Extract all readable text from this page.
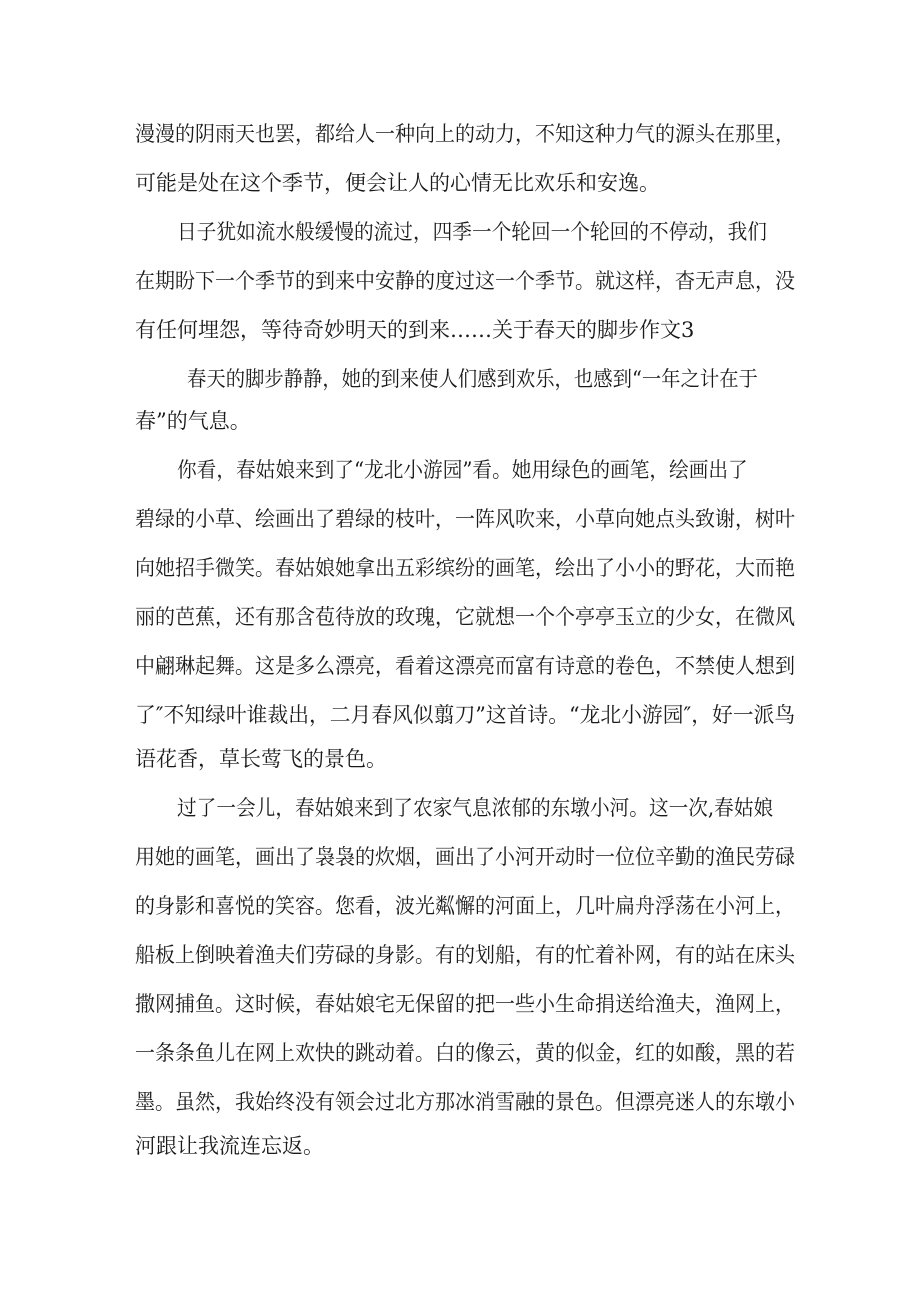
漫漫的阴雨天也罢，都给人一种向上的动力，不知这种力气的源头在那里，
可能是处在这个季节，便会让人的心情无比欢乐和安逸。
日子犹如流水般缓慢的流过，四季一个轮回一个轮回的不停动，我们
在期盼下一个季节的到来中安静的度过这一个季节。就这样，杳无声息，没
有任何埋怨，等待奇妙明天的到来……关于春天的脚步作文3
春天的脚步静静，她的到来使人们感到欢乐，也感到“一年之计在于
春”的气息。
你看，春姑娘来到了“龙北小游园”看。她用绿色的画笔，绘画出了
碧绿的小草、绘画出了碧绿的枝叶，一阵风吹来，小草向她点头致谢，树叶
向她招手微笑。春姑娘她拿出五彩缤纷的画笔，绘出了小小的野花，大而艳
丽的芭蕉，还有那含苞待放的玫瑰，它就想一个个亭亭玉立的少女，在微风
中翩琳起舞。这是多么漂亮，看着这漂亮而富有诗意的卷色，不禁使人想到
了″不知绿叶谁裁出，二月春风似翦刀”这首诗。“龙北小游园″，好一派鸟
语花香，草长莺飞的景色。
过了一会儿，春姑娘来到了农家气息浓郁的东墩小河。这一次,春姑娘
用她的画笔，画出了袅袅的炊烟，画出了小河开动时一位位辛勤的渔民劳碌
的身影和喜悦的笑容。您看，波光粼懈的河面上，几叶扁舟浮荡在小河上，
船板上倒映着渔夫们劳碌的身影。有的划船，有的忙着补网，有的站在床头
撒网捕鱼。这时候，春姑娘宅无保留的把一些小生命捐送给渔夫，渔网上，
一条条鱼儿在网上欢快的跳动着。白的像云，黄的似金，红的如酸，黑的若
墨。虽然，我始终没有领会过北方那冰消雪融的景色。但漂亮迷人的东墩小
河跟让我流连忘返。
